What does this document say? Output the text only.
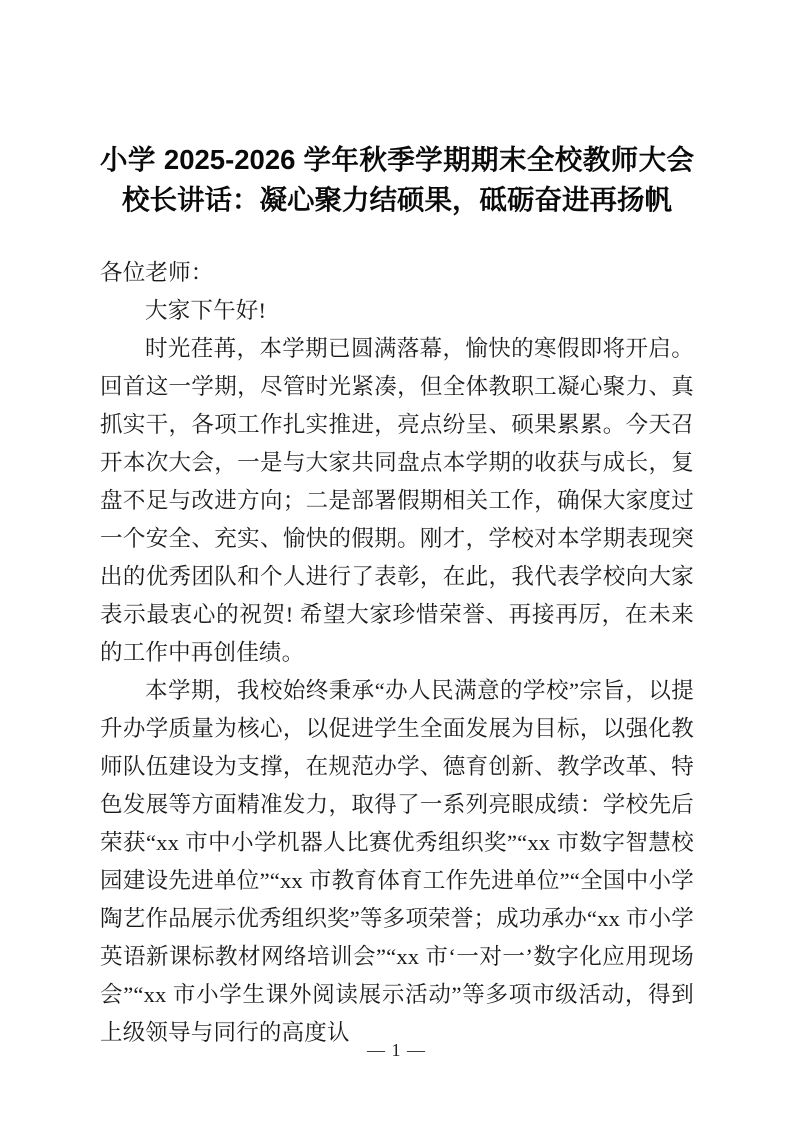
小学 2025-2026 学年秋季学期期末全校教师大会校长讲话：凝心聚力结硕果，砥砺奋进再扬帆

各位老师：

大家下午好!

时光荏苒，本学期已圆满落幕，愉快的寒假即将开启。回首这一学期，尽管时光紧凑，但全体教职工凝心聚力、真抓实干，各项工作扎实推进，亮点纷呈、硕果累累。今天召开本次大会，一是与大家共同盘点本学期的收获与成长，复盘不足与改进方向；二是部署假期相关工作，确保大家度过一个安全、充实、愉快的假期。刚才，学校对本学期表现突出的优秀团队和个人进行了表彰，在此，我代表学校向大家表示最衷心的祝贺! 希望大家珍惜荣誉、再接再厉，在未来的工作中再创佳绩。

本学期，我校始终秉承“办人民满意的学校”宗旨，以提升办学质量为核心，以促进学生全面发展为目标，以强化教师队伍建设为支撑，在规范办学、德育创新、教学改革、特色发展等方面精准发力，取得了一系列亮眼成绩：学校先后荣获“xx 市中小学机器人比赛优秀组织奖”“xx 市数字智慧校园建设先进单位”“xx 市教育体育工作先进单位”“全国中小学陶艺作品展示优秀组织奖”等多项荣誉；成功承办“xx 市小学英语新课标教材网络培训会”“xx 市‘一对一’数字化应用现场会”“xx 市小学生课外阅读展示活动”等多项市级活动，得到上级领导与同行的高度认

— 1 —
